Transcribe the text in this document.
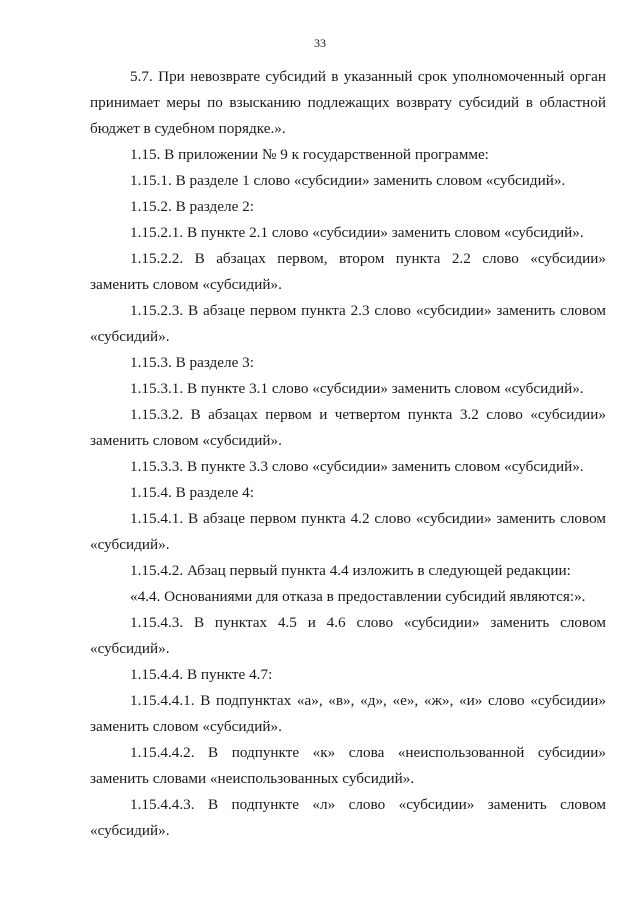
33

5.7. При невозврате субсидий в указанный срок уполномоченный орган принимает меры по взысканию подлежащих возврату субсидий в областной бюджет в судебном порядке.».

1.15. В приложении № 9 к государственной программе:

1.15.1. В разделе 1 слово «субсидии» заменить словом «субсидий».

1.15.2. В разделе 2:

1.15.2.1. В пункте 2.1 слово «субсидии» заменить словом «субсидий».

1.15.2.2. В абзацах первом, втором пункта 2.2 слово «субсидии» заменить словом «субсидий».

1.15.2.3. В абзаце первом пункта 2.3 слово «субсидии» заменить словом «субсидий».

1.15.3. В разделе 3:

1.15.3.1. В пункте 3.1 слово «субсидии» заменить словом «субсидий».

1.15.3.2. В абзацах первом и четвертом пункта 3.2 слово «субсидии» заменить словом «субсидий».

1.15.3.3. В пункте 3.3 слово «субсидии» заменить словом «субсидий».

1.15.4. В разделе 4:

1.15.4.1. В абзаце первом пункта 4.2 слово «субсидии» заменить словом «субсидий».

1.15.4.2. Абзац первый пункта 4.4 изложить в следующей редакции:

«4.4. Основаниями для отказа в предоставлении субсидий являются:».

1.15.4.3. В пунктах 4.5 и 4.6 слово «субсидии» заменить словом «субсидий».

1.15.4.4. В пункте 4.7:

1.15.4.4.1. В подпунктах «а», «в», «д», «е», «ж», «и» слово «субсидии» заменить словом «субсидий».

1.15.4.4.2. В подпункте «к» слова «неиспользованной субсидии» заменить словами «неиспользованных субсидий».

1.15.4.4.3. В подпункте «л» слово «субсидии» заменить словом «субсидий».
